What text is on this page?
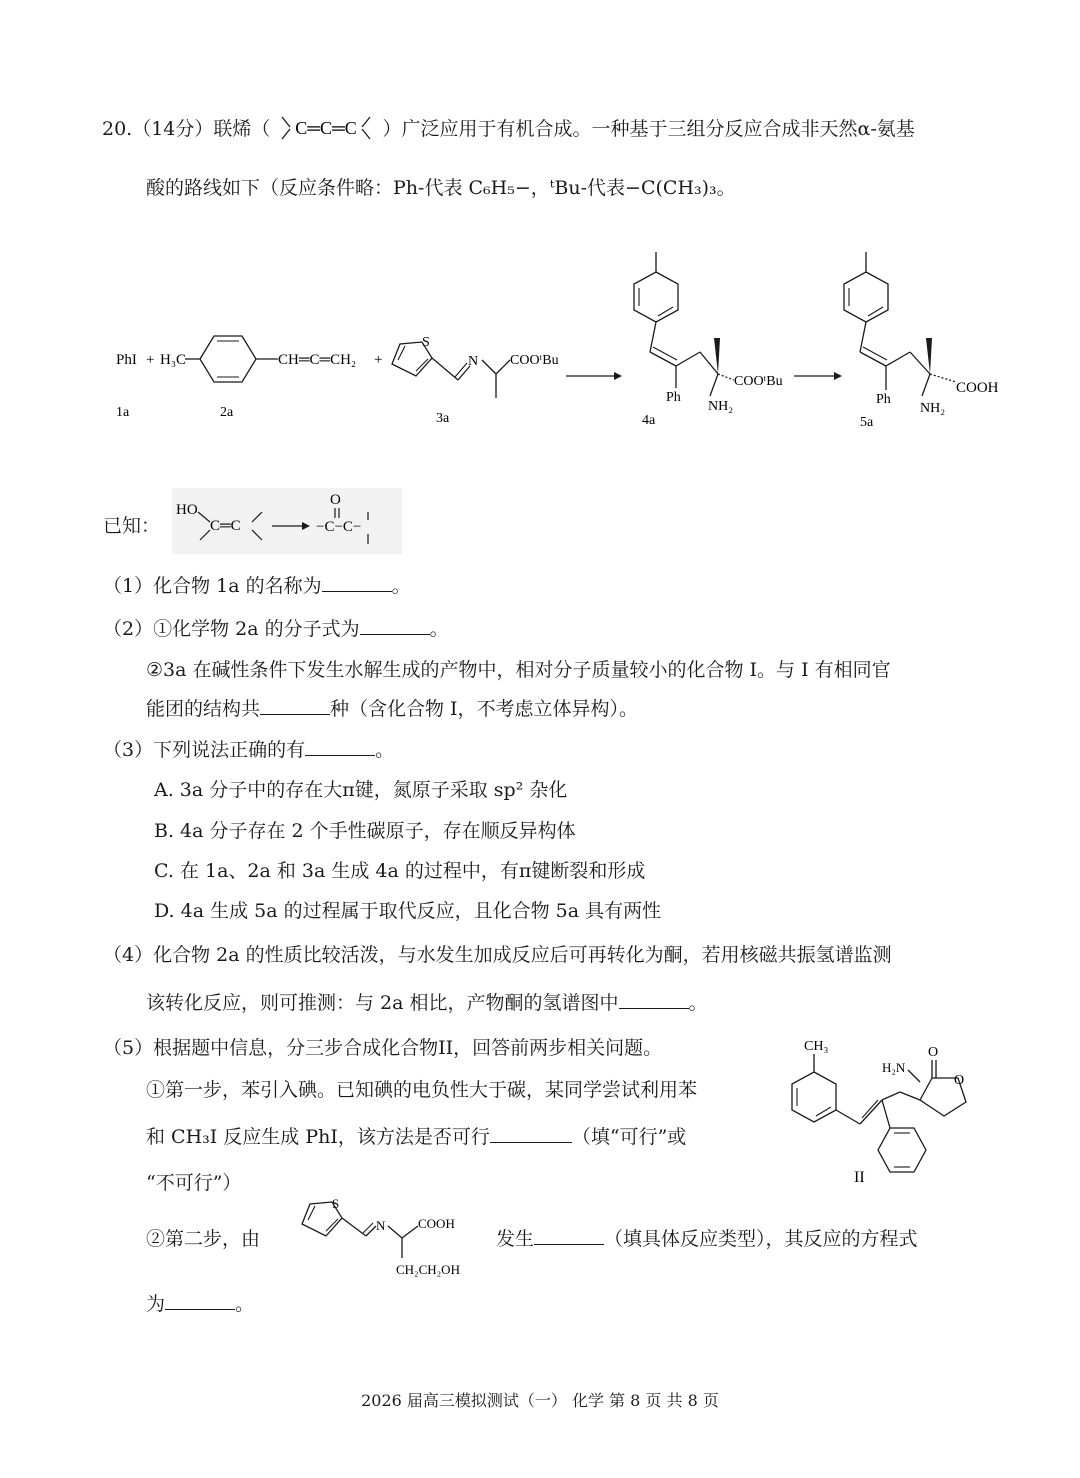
20.（14分）联烯（ C═C═C ）广泛应用于有机合成。一种基于三组分反应合成非天然α-氨基
酸的路线如下（反应条件略：Ph-代表 C₆H₅−，ᵗBu-代表−C(CH₃)₃。
PhI + H₃C	CH═C═CH₂ +
S
N COOᵗBu
Ph
NH₂
COOᵗBu
Ph
NH₂
COOH
1a	2a	3a	4a	5a
已知：
HO
C═C
O
−C−C−
（1）化合物 1a 的名称为	。
（2）①化学物 2a 的分子式为	。
②3a 在碱性条件下发生水解生成的产物中，相对分子质量较小的化合物 I。与 I 有相同官
能团的结构共	种（含化合物 I，不考虑立体异构）。
（3）下列说法正确的有	。
A. 3a 分子中的存在大π键，氮原子采取 sp² 杂化
B. 4a 分子存在 2 个手性碳原子，存在顺反异构体
C. 在 1a、2a 和 3a 生成 4a 的过程中，有π键断裂和形成
D. 4a 生成 5a 的过程属于取代反应，且化合物 5a 具有两性
（4）化合物 2a 的性质比较活泼，与水发生加成反应后可再转化为酮，若用核磁共振氢谱监测
该转化反应，则可推测：与 2a 相比，产物酮的氢谱图中	。
（5）根据题中信息，分三步合成化合物II，回答前两步相关问题。
①第一步，苯引入碘。已知碘的电负性大于碳，某同学尝试利用苯
和 CH₃I 反应生成 PhI，该方法是否可行	（填“可行”或
“不可行”）
CH₃
H₂N
O
O
II
②第二步，由
S
N	COOH
CH₂CH₂OH
发生	（填具体反应类型），其反应的方程式
为	。
2026 届高三模拟测试（一） 化学 第 8 页 共 8 页
